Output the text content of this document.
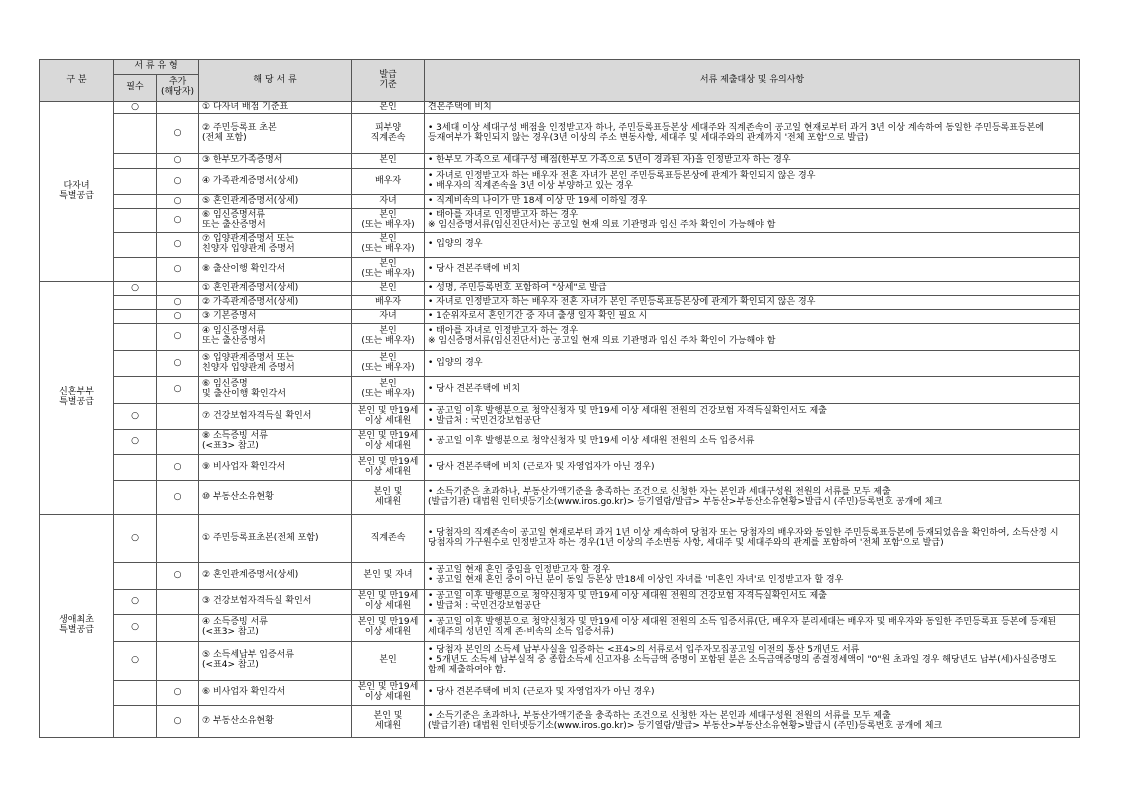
구 분	서 류 유 형		해 당 서 류	발급
기준	서류 제출대상 및 유의사항
	필수	추가
(해당자)			
다자녀
특별공급	○		① 다자녀 배점 기준표	본인	견본주택에 비치
		○	② 주민등록표 초본
(전체 포함)	피부양
직계존속	• 3세대 이상 세대구성 배점을 인정받고자 하나, 주민등록표등본상 세대주와 직계존속이 공고일 현재로부터 과거 3년 이상 계속하여 동일한 주민등록표등본에 등재여부가 확인되지 않는 경우(3년 이상의 주소 변동사항, 세대주 및 세대주와의 관계까지 '전체 포함'으로 발급)
		○	③ 한부모가족증명서	본인	• 한부모 가족으로 세대구성 배점(한부모 가족으로 5년이 경과된 자)을 인정받고자 하는 경우
		○	④ 가족관계증명서(상세)	배우자	• 자녀로 인정받고자 하는 배우자 전혼 자녀가 본인 주민등록표등본상에 관계가 확인되지 않은 경우
• 배우자의 직계존속을 3년 이상 부양하고 있는 경우
		○	⑤ 혼인관계증명서(상세)	자녀	• 직계비속의 나이가 만 18세 이상 만 19세 이하일 경우
		○	⑥ 임신증명서류
또는 출산증명서	본인
(또는 배우자)	• 태아를 자녀로 인정받고자 하는 경우
※ 임신증명서류(임신진단서)는 공고일 현재 의료 기관명과 임신 주차 확인이 가능해야 함
		○	⑦ 입양관계증명서 또는
친양자 입양관계 증명서	본인
(또는 배우자)	• 입양의 경우
		○	⑧ 출산이행 확인각서	본인
(또는 배우자)	• 당사 견본주택에 비치
신혼부부
특별공급	○		① 혼인관계증명서(상세)	본인	• 성명, 주민등록번호 포함하여 "상세"로 발급
		○	② 가족관계증명서(상세)	배우자	• 자녀로 인정받고자 하는 배우자 전혼 자녀가 본인 주민등록표등본상에 관계가 확인되지 않은 경우
		○	③ 기본증명서	자녀	• 1순위자로서 혼인기간 중 자녀 출생 일자 확인 필요 시
		○	④ 임신증명서류
또는 출산증명서	본인
(또는 배우자)	• 태아를 자녀로 인정받고자 하는 경우
※ 임신증명서류(임신진단서)는 공고일 현재 의료 기관명과 임신 주차 확인이 가능해야 함
		○	⑤ 입양관계증명서 또는
친양자 입양관계 증명서	본인
(또는 배우자)	• 입양의 경우
		○	⑥ 임신증명
및 출산이행 확인각서	본인
(또는 배우자)	• 당사 견본주택에 비치
	○		⑦ 건강보험자격득실 확인서	본인 및 만19세
이상 세대원	• 공고일 이후 발행분으로 청약신청자 및 만19세 이상 세대원 전원의 건강보험 자격득실확인서도 제출
• 발급처 : 국민건강보험공단
	○		⑧ 소득증빙 서류
(<표3> 참고)	본인 및 만19세
이상 세대원	• 공고일 이후 발행분으로 청약신청자 및 만19세 이상 세대원 전원의 소득 입증서류
		○	⑨ 비사업자 확인각서	본인 및 만19세
이상 세대원	• 당사 견본주택에 비치 (근로자 및 자영업자가 아닌 경우)
		○	⑩ 부동산소유현황	본인 및
세대원	• 소득기준은 초과하나, 부동산가액기준을 충족하는 조건으로 신청한 자는 본인과 세대구성원 전원의 서류를 모두 제출
(발급기관) 대법원 인터넷등기소(www.iros.go.kr)> 등기열람/발급> 부동산>부동산소유현황>발급시 (주민)등록번호 공개에 체크
생애최초
특별공급	○		① 주민등록표초본(전체 포함)	직계존속	• 당첨자의 직계존속이 공고일 현재로부터 과거 1년 이상 계속하여 당첨자 또는 당첨자의 배우자와 동일한 주민등록표등본에 등재되었음을 확인하여, 소득산정 시 당첨자의 가구원수로 인정받고자 하는 경우(1년 이상의 주소변동 사항, 세대주 및 세대주와의 관계를 포함하여 '전체 포함'으로 발급)
		○	② 혼인관계증명서(상세)	본인 및 자녀	• 공고일 현재 혼인 중임을 인정받고자 할 경우
• 공고일 현재 혼인 중이 아닌 분이 동일 등본상 만18세 이상인 자녀를 '미혼인 자녀'로 인정받고자 할 경우
	○		③ 건강보험자격득실 확인서	본인 및 만19세
이상 세대원	• 공고일 이후 발행분으로 청약신청자 및 만19세 이상 세대원 전원의 건강보험 자격득실확인서도 제출
• 발급처 : 국민건강보험공단
	○		④ 소득증빙 서류
(<표3> 참고)	본인 및 만19세
이상 세대원	• 공고일 이후 발행분으로 청약신청자 및 만19세 이상 세대원 전원의 소득 입증서류(단, 배우자 분리세대는 배우자 및 배우자와 동일한 주민등록표 등본에 등재된 세대주의 성년인 직계 존·비속의 소득 입증서류)
	○		⑤ 소득세납부 입증서류
(<표4> 참고)	본인	• 당첨자 본인의 소득세 납부사실을 입증하는 <표4>의 서류로서 입주자모집공고일 이전의 통산 5개년도 서류
• 5개년도 소득세 납부실적 중 종합소득세 신고자용 소득금액 증명이 포함된 분은 소득금액증명의 종결정세액이 "0"원 초과일 경우 해당년도 납부(세)사실증명도 함께 제출하여야 함.
		○	⑥ 비사업자 확인각서	본인 및 만19세
이상 세대원	• 당사 견본주택에 비치 (근로자 및 자영업자가 아닌 경우)
		○	⑦ 부동산소유현황	본인 및
세대원	• 소득기준은 초과하나, 부동산가액기준을 충족하는 조건으로 신청한 자는 본인과 세대구성원 전원의 서류를 모두 제출
(발급기관) 대법원 인터넷등기소(www.iros.go.kr)> 등기열람/발급> 부동산>부동산소유현황>발급시 (주민)등록번호 공개에 체크
